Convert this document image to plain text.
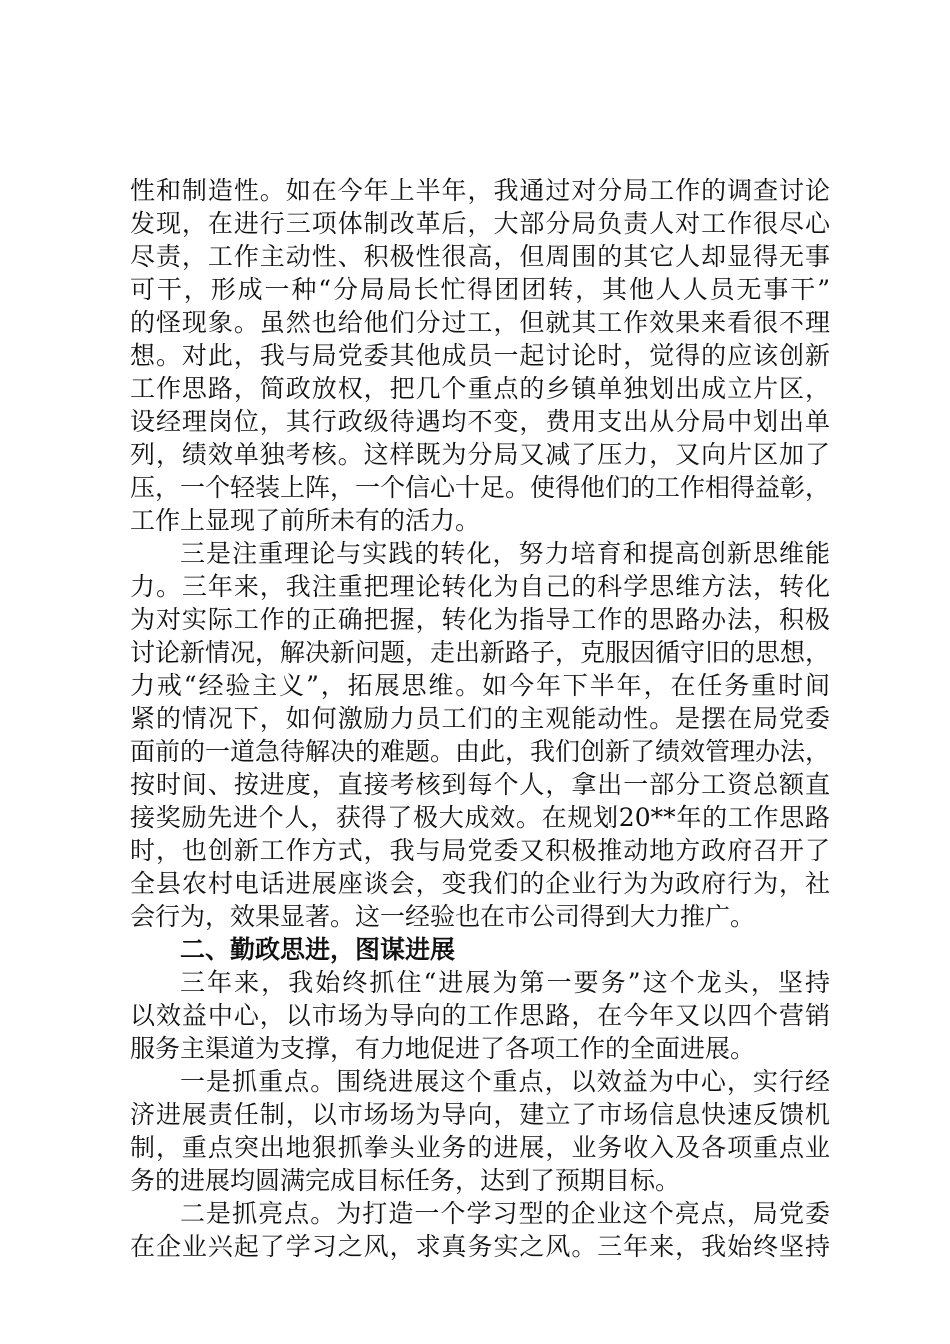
性和制造性。如在今年上半年，我通过对分局工作的调查讨论
发现，在进行三项体制改革后，大部分局负责人对工作很尽心
尽责，工作主动性、积极性很高，但周围的其它人却显得无事
可干，形成一种“分局局长忙得团团转，其他人人员无事干”
的怪现象。虽然也给他们分过工，但就其工作效果来看很不理
想。对此，我与局党委其他成员一起讨论时，觉得的应该创新
工作思路，简政放权，把几个重点的乡镇单独划出成立片区，
设经理岗位，其行政级待遇均不变，费用支出从分局中划出单
列，绩效单独考核。这样既为分局又减了压力，又向片区加了
压，一个轻装上阵，一个信心十足。使得他们的工作相得益彰，
工作上显现了前所未有的活力。
三是注重理论与实践的转化，努力培育和提高创新思维能
力。三年来，我注重把理论转化为自己的科学思维方法，转化
为对实际工作的正确把握，转化为指导工作的思路办法，积极
讨论新情况，解决新问题，走出新路子，克服因循守旧的思想，
力戒“经验主义”，拓展思维。如今年下半年，在任务重时间
紧的情况下，如何激励力员工们的主观能动性。是摆在局党委
面前的一道急待解决的难题。由此，我们创新了绩效管理办法，
按时间、按进度，直接考核到每个人，拿出一部分工资总额直
接奖励先进个人，获得了极大成效。在规划20**年的工作思路
时，也创新工作方式，我与局党委又积极推动地方政府召开了
全县农村电话进展座谈会，变我们的企业行为为政府行为，社
会行为，效果显著。这一经验也在市公司得到大力推广。
二、勤政思进，图谋进展
三年来，我始终抓住“进展为第一要务”这个龙头，坚持
以效益中心，以市场为导向的工作思路，在今年又以四个营销
服务主渠道为支撑，有力地促进了各项工作的全面进展。
一是抓重点。围绕进展这个重点，以效益为中心，实行经
济进展责任制，以市场场为导向，建立了市场信息快速反馈机
制，重点突出地狠抓拳头业务的进展，业务收入及各项重点业
务的进展均圆满完成目标任务，达到了预期目标。
二是抓亮点。为打造一个学习型的企业这个亮点，局党委
在企业兴起了学习之风，求真务实之风。三年来，我始终坚持
